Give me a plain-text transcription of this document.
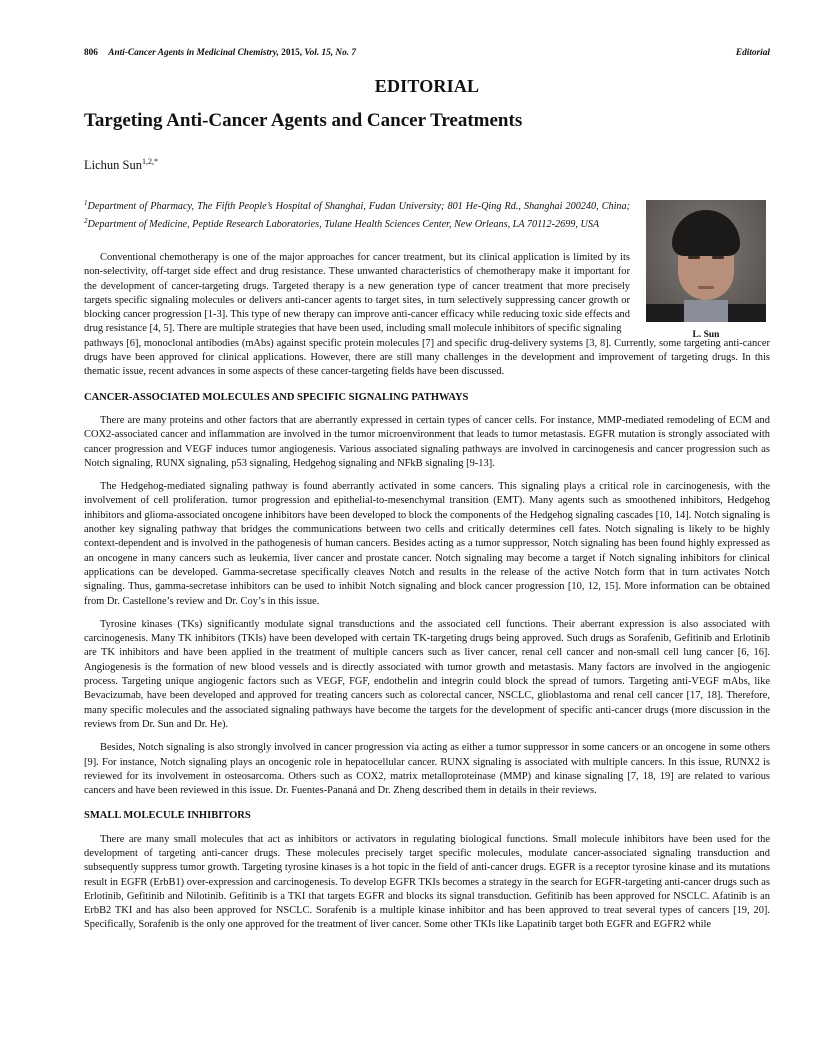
806 Anti-Cancer Agents in Medicinal Chemistry, 2015, Vol. 15, No. 7	Editorial
EDITORIAL
Targeting Anti-Cancer Agents and Cancer Treatments
Lichun Sun$^{1,2,*}$
$^1$Department of Pharmacy, The Fifth People’s Hospital of Shanghai, Fudan University; 801 He-Qing Rd., Shanghai 200240, China; $^2$Department of Medicine, Peptide Research Laboratories, Tulane Health Sciences Center, New Orleans, LA 70112-2699, USA
L. Sun

Conventional chemotherapy is one of the major approaches for cancer treatment, but its clinical application is limited by its non-selectivity, off-target side effect and drug resistance. These unwanted characteristics of chemotherapy make it important for the development of cancer-targeting drugs. Targeted therapy is a new generation type of cancer treatment that more precisely targets specific signaling molecules or delivers anti-cancer agents to target sites, in turn selectively suppressing cancer growth or blocking cancer progression [1-3]. This type of new therapy can improve anti-cancer efficacy while reducing toxic side effects and drug resistance [4, 5]. There are multiple strategies that have been used, including small molecule inhibitors of specific signaling

pathways [6], monoclonal antibodies (mAbs) against specific protein molecules [7] and specific drug-delivery systems [3, 8]. Currently, some targeting anti-cancer drugs have been approved for clinical applications. However, there are still many challenges in the development and improvement of targeting drugs. In this thematic issue, recent advances in some aspects of these cancer-targeting fields have been discussed.

CANCER-ASSOCIATED MOLECULES AND SPECIFIC SIGNALING PATHWAYS

There are many proteins and other factors that are aberrantly expressed in certain types of cancer cells. For instance, MMP-mediated remodeling of ECM and COX2-associated cancer and inflammation are involved in the tumor microenvironment that leads to tumor metastasis. EGFR mutation is strongly associated with cancer progression and VEGF induces tumor angiogenesis. Various associated signaling pathways are involved in carcinogenesis and cancer progression such as Notch signaling, RUNX signaling, p53 signaling, Hedgehog signaling and NFkB signaling [9-13].

The Hedgehog-mediated signaling pathway is found aberrantly activated in some cancers. This signaling plays a critical role in carcinogenesis, with the involvement of cell proliferation. tumor progression and epithelial-to-mesenchymal transition (EMT). Many agents such as smoothened inhibitors, Hedgehog inhibitors and glioma-associated oncogene inhibitors have been developed to block the components of the Hedgehog signaling cascades [10, 14]. Notch signaling is another key signaling pathway that bridges the communications between two cells and critically determines cell fates. Notch signaling is likely to be highly context-dependent and is involved in the pathogenesis of human cancers. Besides acting as a tumor suppressor, Notch signaling has been found highly expressed as an oncogene in many cancers such as leukemia, liver cancer and prostate cancer. Notch signaling may become a target if Notch signaling inhibitors for clinical applications can be developed. Gamma-secretase specifically cleaves Notch and results in the release of the active Notch form that in turn activates Notch signaling. Thus, gamma-secretase inhibitors can be used to inhibit Notch signaling and block cancer progression [10, 12, 15]. More information can be obtained from Dr. Castellone’s review and Dr. Coy’s in this issue.

Tyrosine kinases (TKs) significantly modulate signal transductions and the associated cell functions. Their aberrant expression is also associated with carcinogenesis. Many TK inhibitors (TKIs) have been developed with certain TK-targeting drugs being approved. Such drugs as Sorafenib, Gefitinib and Erlotinib are TK inhibitors and have been applied in the treatment of multiple cancers such as liver cancer, renal cell cancer and non-small cell lung cancer [6, 16]. Angiogenesis is the formation of new blood vessels and is directly associated with tumor growth and metastasis. Many factors are involved in the angiogenic process. Targeting unique angiogenic factors such as VEGF, FGF, endothelin and integrin could block the spread of tumors. Targeting anti-VEGF mAbs, like Bevacizumab, have been developed and approved for treating cancers such as colorectal cancer, NSCLC, glioblastoma and renal cell cancer [17, 18]. Therefore, many specific molecules and the associated signaling pathways have become the targets for the development of specific anti-cancer drugs (more discussion in the reviews from Dr. Sun and Dr. He).

Besides, Notch signaling is also strongly involved in cancer progression via acting as either a tumor suppressor in some cancers or an oncogene in some others [9]. For instance, Notch signaling plays an oncogenic role in hepatocellular cancer. RUNX signaling is associated with multiple cancers. In this issue, RUNX2 is reviewed for its involvement in osteosarcoma. Others such as COX2, matrix metalloproteinase (MMP) and kinase signaling [7, 18, 19] are related to various cancers and have been reviewed in this issue. Dr. Fuentes-Pananá and Dr. Zheng described them in details in their reviews.

SMALL MOLECULE INHIBITORS

There are many small molecules that act as inhibitors or activators in regulating biological functions. Small molecule inhibitors have been used for the development of targeting anti-cancer drugs. These molecules precisely target specific molecules, modulate cancer-associated signaling transduction and subsequently suppress tumor growth. Targeting tyrosine kinases is a hot topic in the field of anti-cancer drugs. EGFR is a receptor tyrosine kinase and its mutations result in EGFR (ErbB1) over-expression and carcinogenesis. To develop EGFR TKIs becomes a strategy in the search for EGFR-targeting anti-cancer drugs such as Erlotinib, Gefitinib and Nilotinib. Gefitinib is a TKI that targets EGFR and blocks its signal transduction. Gefitinib has been approved for NSCLC. Afatinib is an ErbB2 TKI and has also been approved for NSCLC. Sorafenib is a multiple kinase inhibitor and has been approved to treat several types of cancers [19, 20]. Specifically, Sorafenib is the only one approved for the treatment of liver cancer. Some other TKIs like Lapatinib target both EGFR and EGFR2 while
